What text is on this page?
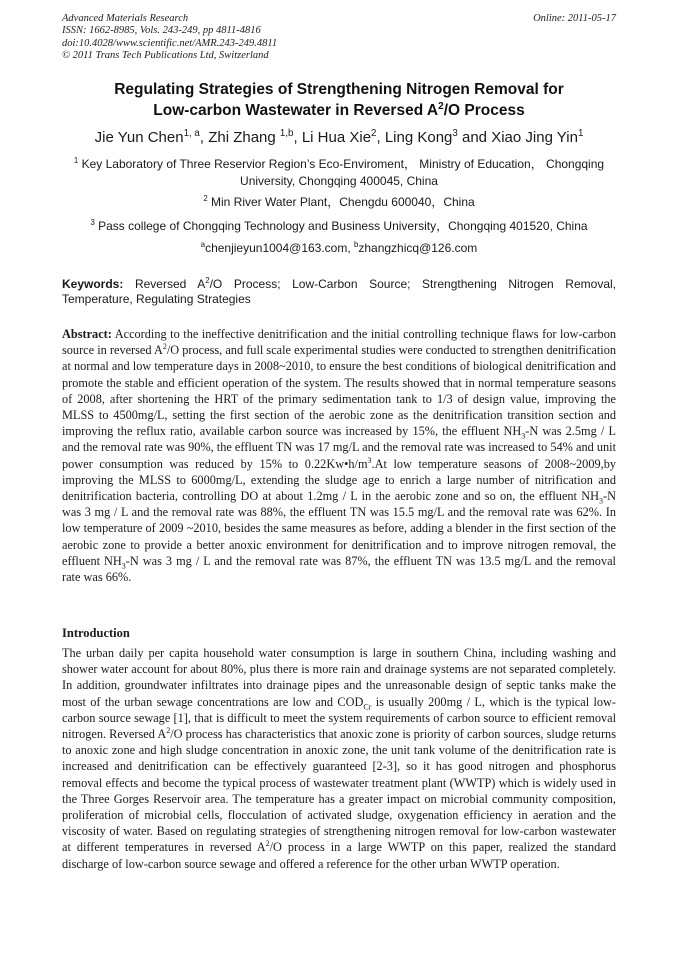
Advanced Materials Research
ISSN: 1662-8985, Vols. 243-249, pp 4811-4816
doi:10.4028/www.scientific.net/AMR.243-249.4811
© 2011 Trans Tech Publications Ltd, Switzerland
Online: 2011-05-17
Regulating Strategies of Strengthening Nitrogen Removal for
Low-carbon Wastewater in Reversed $A^2/O$ Process
Jie Yun Chen$^{1, a}$, Zhi Zhang $^{1,b}$, Li Hua Xie$^2$, Ling Kong$^3$ and Xiao Jing Yin$^1$
$^1$ Key Laboratory of Three Reservior Region’s Eco-Enviroment， Ministry of Education， Chongqing
University, Chongqing 400045, China
$^2$ Min River Water Plant，Chengdu 600040，China
$^3$ Pass college of Chongqing Technology and Business University，Chongqing 401520, China
$^a$chenjieyun1004@163.com, $^b$zhangzhicq@126.com
Keywords: Reversed $A^2/O$ Process; Low-Carbon Source; Strengthening Nitrogen Removal, Temperature, Regulating Strategies
Abstract: According to the ineffective denitrification and the initial controlling technique flaws for low-carbon source in reversed $A^2/O$ process, and full scale experimental studies were conducted to strengthen denitrification at normal and low temperature days in 2008~2010, to ensure the best conditions of biological denitrification and promote the stable and efficient operation of the system. The results showed that in normal temperature seasons of 2008, after shortening the HRT of the primary sedimentation tank to 1/3 of design value, improving the MLSS to 4500mg/L, setting the first section of the aerobic zone as the denitrification transition section and improving the reflux ratio, available carbon source was increased by 15%, the effluent $NH_3-N$ was 2.5mg / L and the removal rate was 90%, the effluent TN was 17 mg/L and the removal rate was increased to 54% and unit power consumption was reduced by 15% to $0.22Kw•h/m^3.At$ low temperature seasons of 2008~2009,by improving the MLSS to 6000mg/L, extending the sludge age to enrich a large number of nitrification and denitrification bacteria, controlling DO at about 1.2mg / L in the aerobic zone and so on, the effluent $NH_3-N$ was 3 mg / L and the removal rate was 88%, the effluent TN was 15.5 mg/L and the removal rate was 62%. In low temperature of 2009 ~2010, besides the same measures as before, adding a blender in the first section of the aerobic zone to provide a better anoxic environment for denitrification and to improve nitrogen removal, the effluent $NH_3-N$ was 3 mg / L and the removal rate was 87%, the effluent TN was 13.5 mg/L and the removal rate was 66%.
Introduction
The urban daily per capita household water consumption is large in southern China, including washing and shower water account for about 80%, plus there is more rain and drainage systems are not separated completely. In addition, groundwater infiltrates into drainage pipes and the unreasonable design of septic tanks make the most of the urban sewage concentrations are low and $COD_{Cr}$ is usually 200mg / L, which is the typical low-carbon source sewage [1], that is difficult to meet the system requirements of carbon source to efficient removal nitrogen. Reversed $A^2/O$ process has characteristics that anoxic zone is priority of carbon sources, sludge returns to anoxic zone and high sludge concentration in anoxic zone, the unit tank volume of the denitrification rate is increased and denitrification can be effectively guaranteed [2-3], so it has good nitrogen and phosphorus removal effects and become the typical process of wastewater treatment plant (WWTP) which is widely used in the Three Gorges Reservoir area. The temperature has a greater impact on microbial community composition, proliferation of microbial cells, flocculation of activated sludge, oxygenation efficiency in aeration and the viscosity of water. Based on regulating strategies of strengthening nitrogen removal for low-carbon wastewater at different temperatures in reversed $A^2/O$ process in a large WWTP on this paper, realized the standard discharge of low-carbon source sewage and offered a reference for the other urban WWTP operation.
